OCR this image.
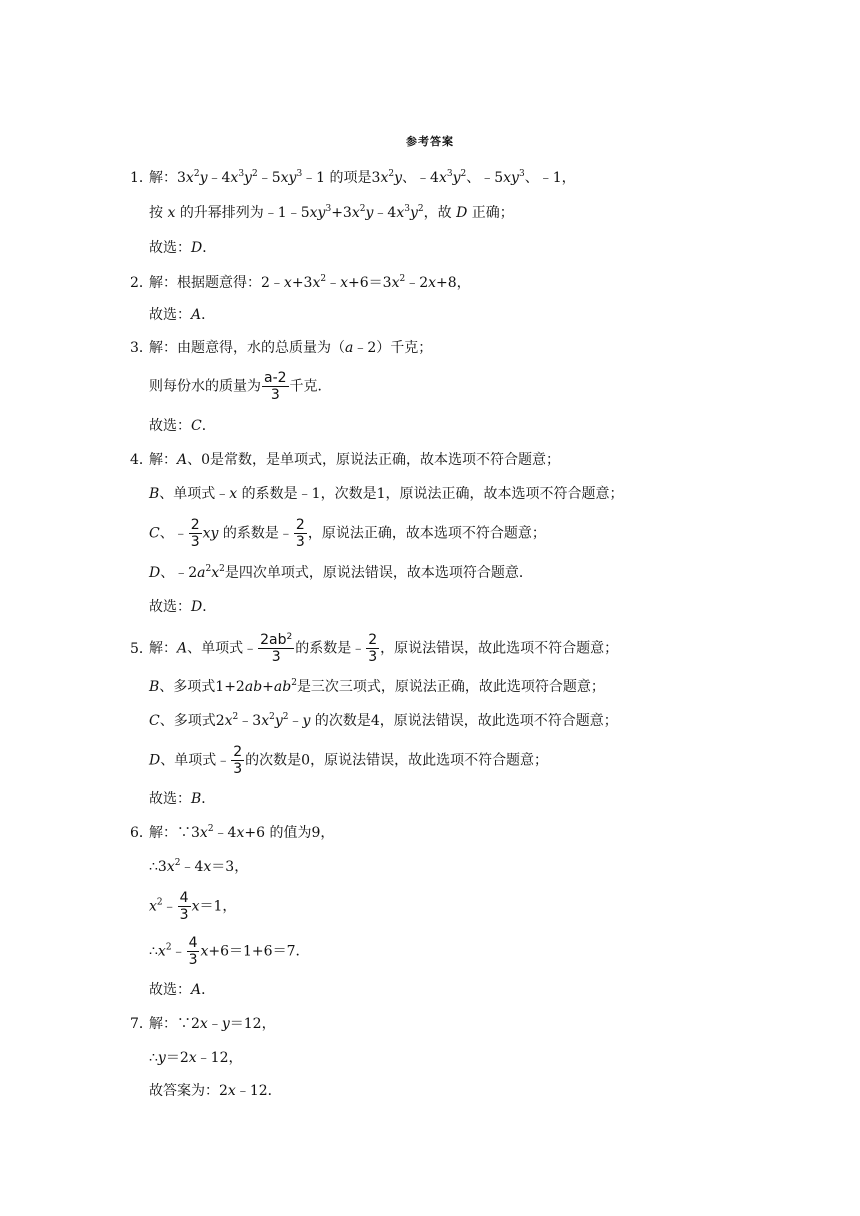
参考答案
1．解：$3x^2y﹣4x^3y^2﹣5xy^3﹣1$ 的项是$3x^2y$、$﹣4x^3y^2$、$﹣5xy^3$、﹣1，
按 x 的升幂排列为$﹣1﹣5xy^3+3x^2y﹣4x^3y^2$，故 D 正确；
故选：D．
2．解：根据题意得：$2﹣x+3x^2﹣x+6=3x^2﹣2x+8$，
故选：A．
3．解：由题意得，水的总质量为（a﹣2）千克；
则每份水的质量为 $\frac{a-2}{3}$ 千克．
故选：C．
4．解：A、0是常数，是单项式，原说法正确，故本选项不符合题意；
B、单项式﹣x 的系数是﹣1，次数是1，原说法正确，故本选项不符合题意；
C、﹣ $\frac{2}{3}$ xy 的系数是﹣ $\frac{2}{3}$ ，原说法正确，故本选项不符合题意；
D、$﹣2a^2x^2$是四次单项式，原说法错误，故本选项符合题意．
故选：D．
5．解：A、单项式﹣ $\frac{2ab^2}{3}$ 的系数是﹣ $\frac{2}{3}$ ，原说法错误，故此选项不符合题意；
B、多项式$1+2ab+ab^2$是三次三项式，原说法正确，故此选项符合题意；
C、多项式$2x^2﹣3x^2y^2﹣y$ 的次数是4，原说法错误，故此选项不符合题意；
D、单项式﹣ $\frac{2}{3}$ 的次数是0，原说法错误，故此选项不符合题意；
故选：B．
6．解：$\because 3x^2﹣4x+6$ 的值为9，
$\therefore 3x^2﹣4x=3$，
$x^2﹣ \frac{4}{3} x=1$，
$\therefore x^2﹣ \frac{4}{3} x+6=1+6=7$．
故选：A．
7．解：∵2x﹣y＝12，
∴y＝2x﹣12，
故答案为：2x﹣12．
